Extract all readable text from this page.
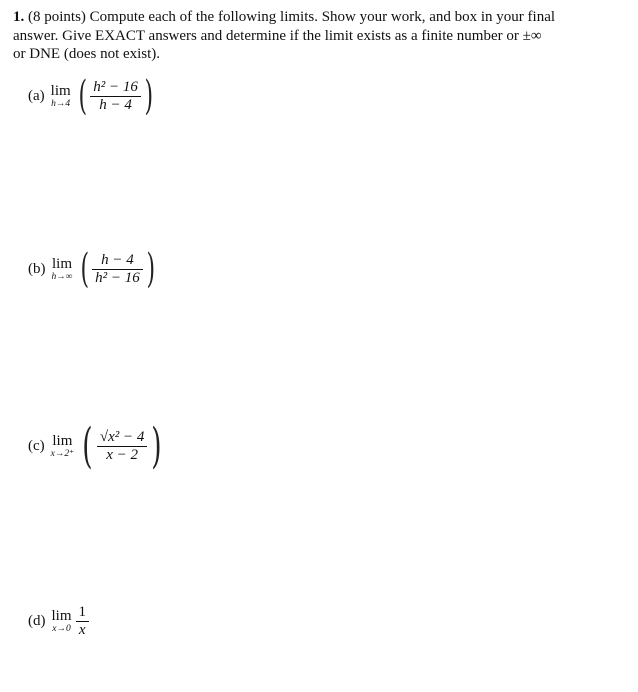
1. (8 points) Compute each of the following limits. Show your work, and box in your final
answer. Give EXACT answers and determine if the limit exists as a finite number or ±∞
or DNE (does not exist).
(a) lim
h→4 ( $\frac{\text{h² − 16}}{h - 4}$ )
(b) lim
h→∞ ( $\frac{h - 4}{\text{h² − 16}}$ )
(c) lim
x→2⁺ ( $\frac{\text{√x² − 4}}{x - 2}$ )
(d) lim
$x\to 0 \frac{1}{x}$
